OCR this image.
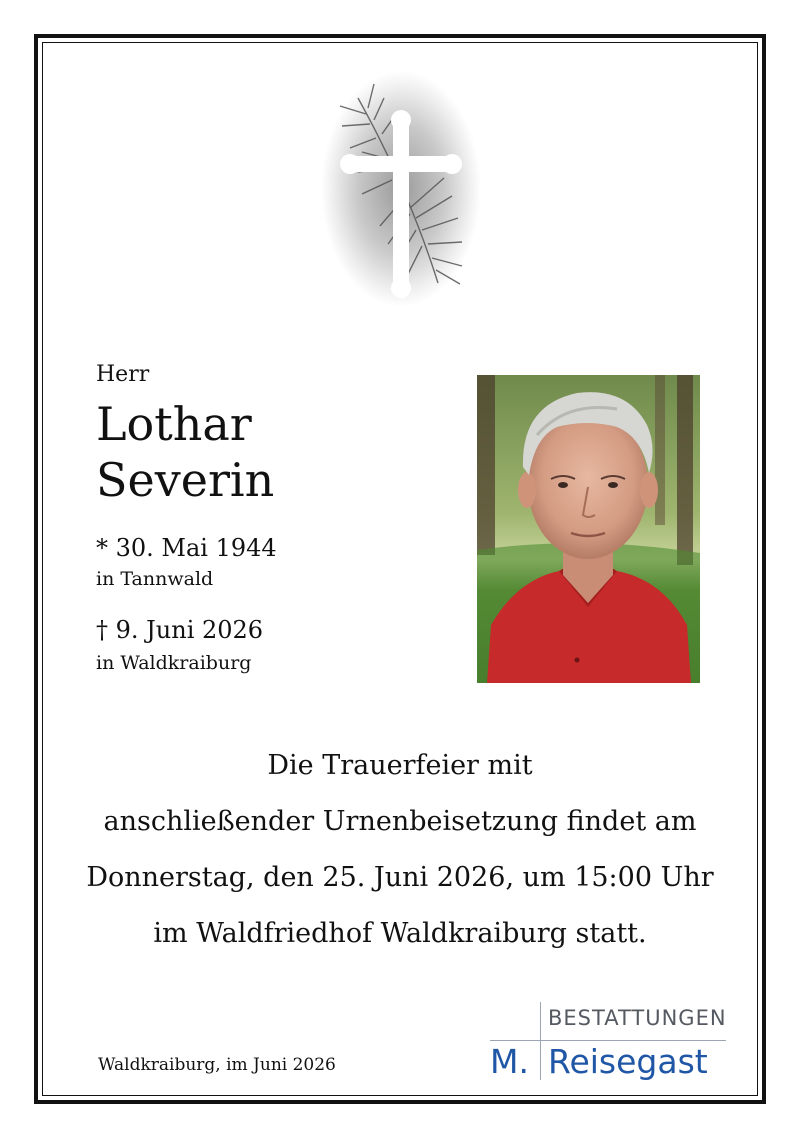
Herr
Lothar
Severin
* 30. Mai 1944
in Tannwald
† 9. Juni 2026
in Waldkraiburg
Die Trauerfeier mit
anschließender Urnenbeisetzung findet am
Donnerstag, den 25. Juni 2026, um 15:00 Uhr
im Waldfriedhof Waldkraiburg statt.
Waldkraiburg, im Juni 2026
BESTATTUNGEN
M. Reisegast
